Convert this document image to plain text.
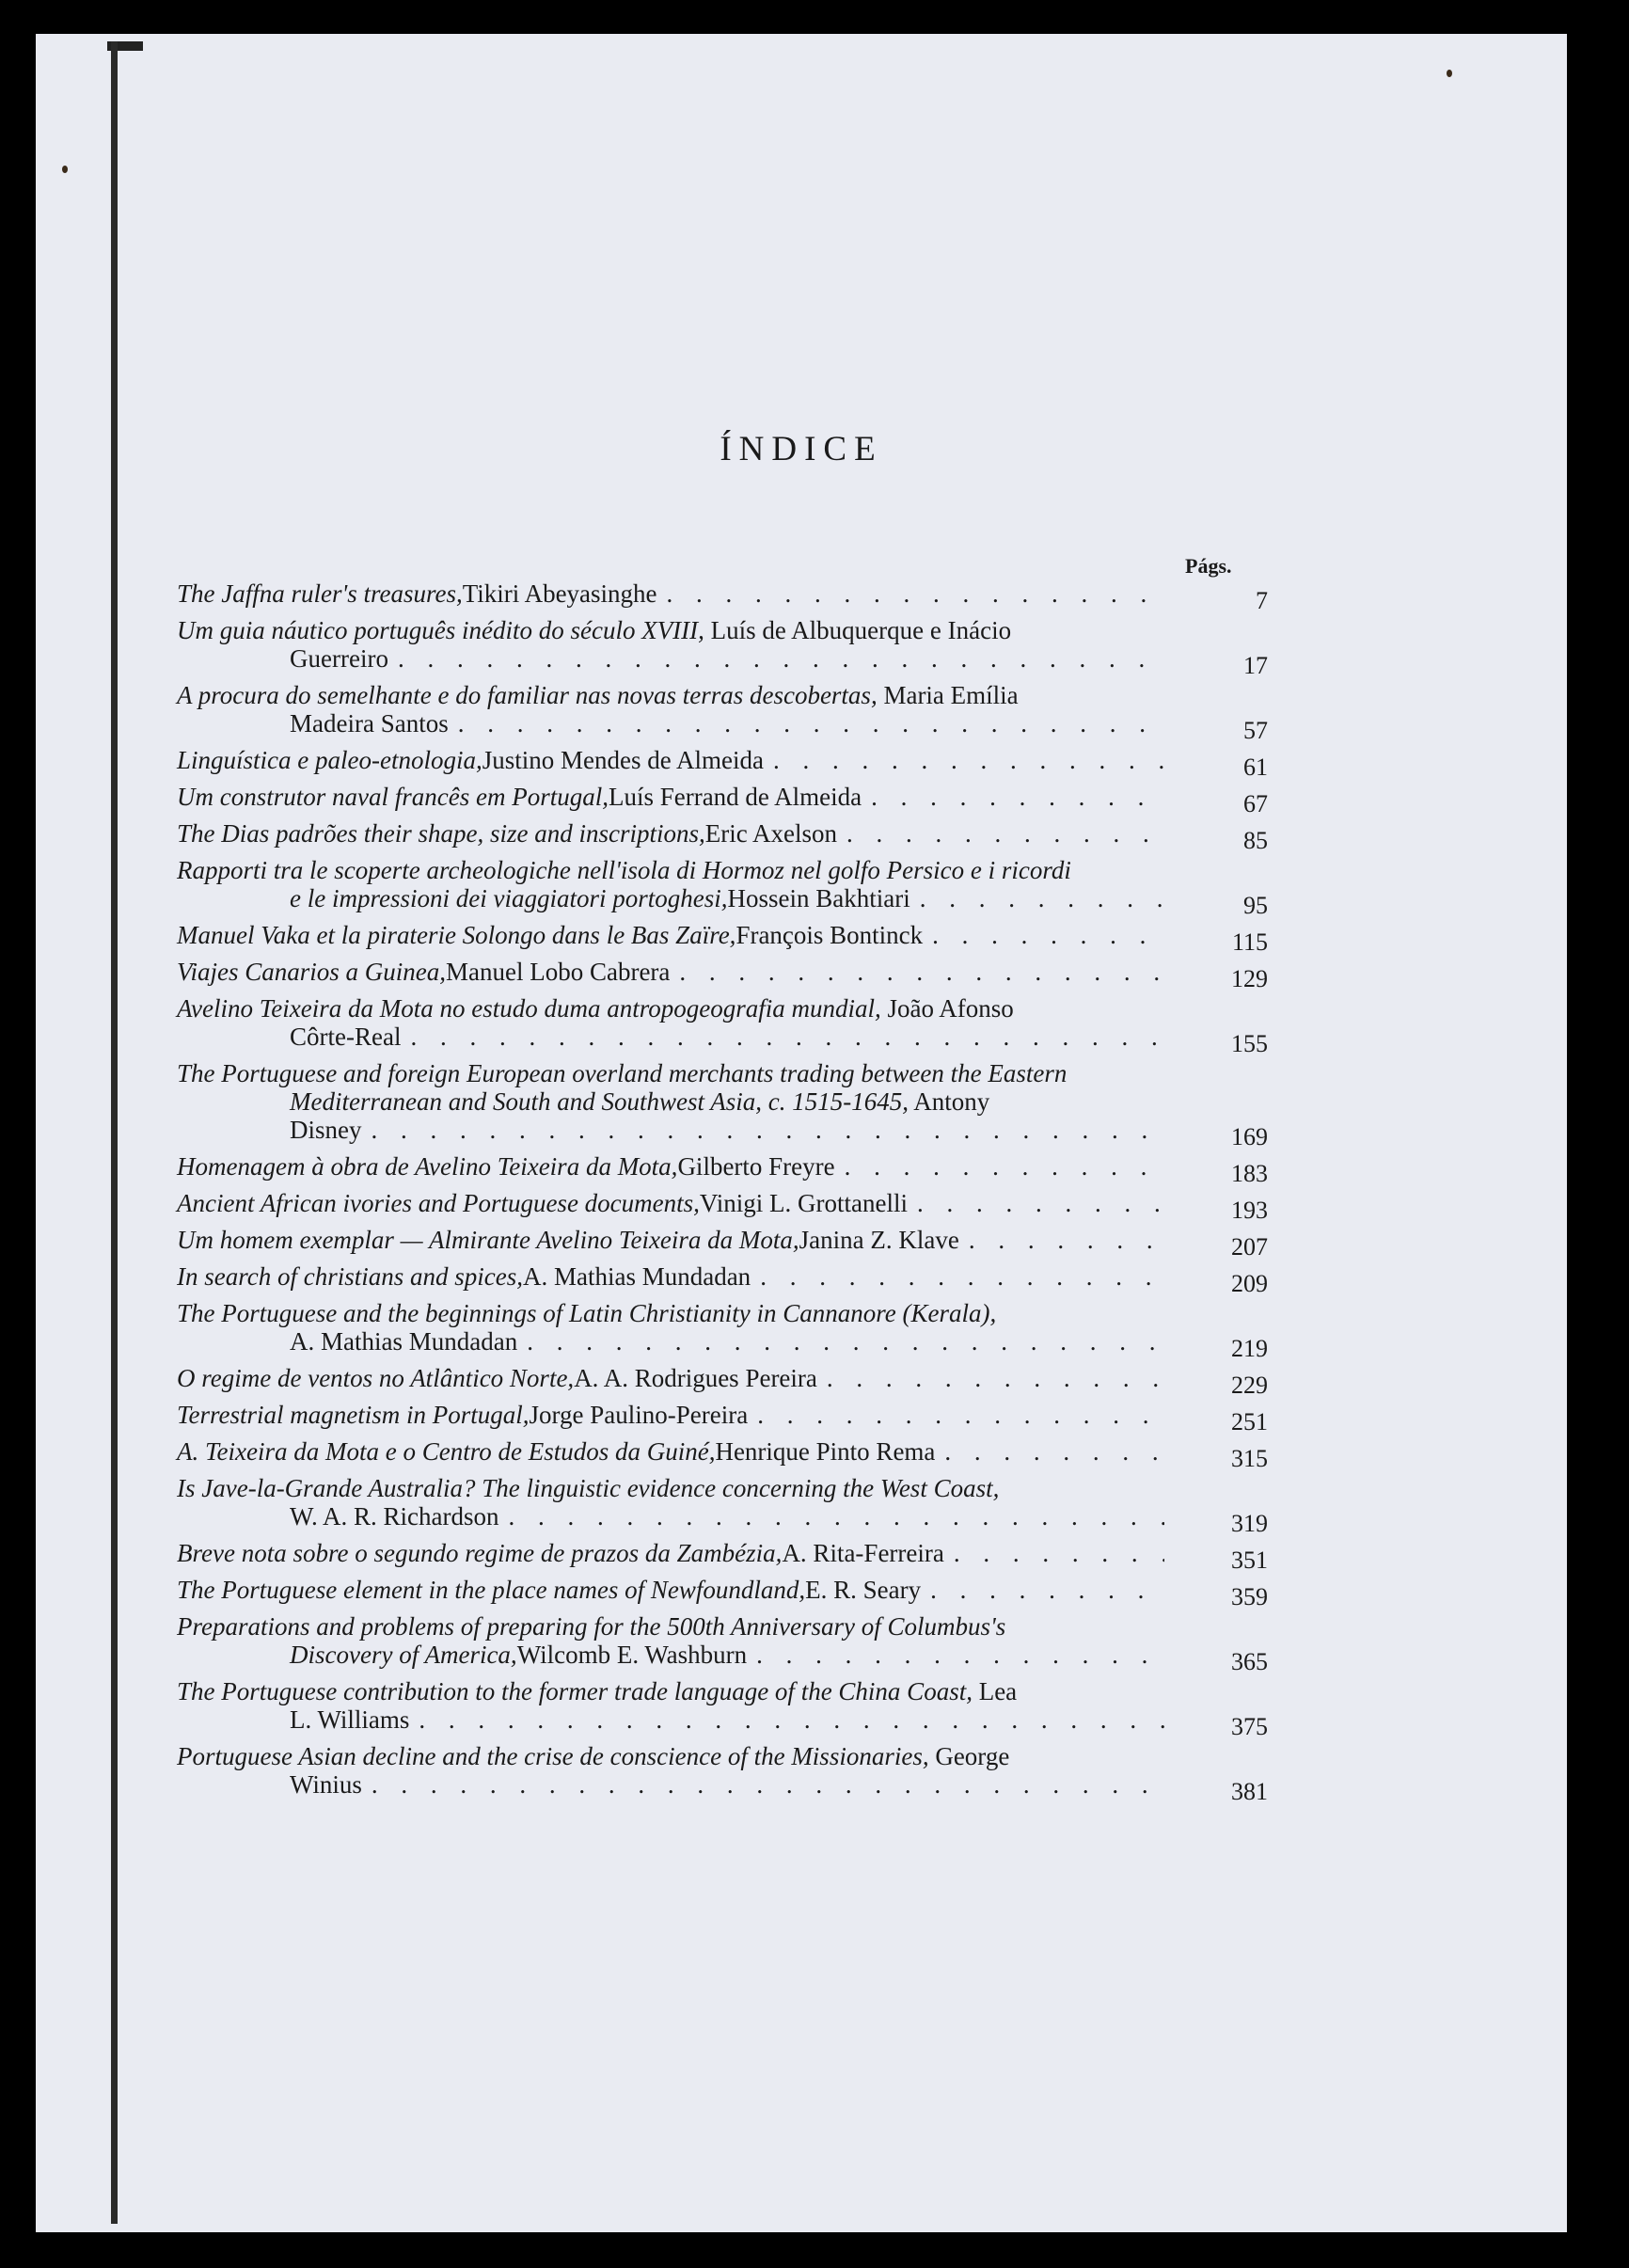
ÍNDICE
Págs.
The Jaffna ruler's treasures, Tikiri Abeyasinghe . . .	7
Um guia náutico português inédito do século XVIII, Luís de Albuquerque e Inácio
Guerreiro . . .	17
A procura do semelhante e do familiar nas novas terras descobertas, Maria Emília
Madeira Santos . . .	57
Linguística e paleo-etnologia, Justino Mendes de Almeida . . .	61
Um construtor naval francês em Portugal, Luís Ferrand de Almeida . . .	67
The Dias padrões their shape, size and inscriptions, Eric Axelson . . .	85
Rapporti tra le scoperte archeologiche nell'isola di Hormoz nel golfo Persico e i ricordi
e le impressioni dei viaggiatori portoghesi, Hossein Bakhtiari . . .	95
Manuel Vaka et la piraterie Solongo dans le Bas Zaïre, François Bontinck . . .	115
Viajes Canarios a Guinea, Manuel Lobo Cabrera . . .	129
Avelino Teixeira da Mota no estudo duma antropogeografia mundial, João Afonso
Côrte-Real . . .	155
The Portuguese and foreign European overland merchants trading between the Eastern
Mediterranean and South and Southwest Asia, c. 1515-1645, Antony
Disney . . .	169
Homenagem à obra de Avelino Teixeira da Mota, Gilberto Freyre . . .	183
Ancient African ivories and Portuguese documents, Vinigi L. Grottanelli . . .	193
Um homem exemplar — Almirante Avelino Teixeira da Mota, Janina Z. Klave . . .	207
In search of christians and spices, A. Mathias Mundadan . . .	209
The Portuguese and the beginnings of Latin Christianity in Cannanore (Kerala),
A. Mathias Mundadan . . .	219
O regime de ventos no Atlântico Norte, A. A. Rodrigues Pereira . . .	229
Terrestrial magnetism in Portugal, Jorge Paulino-Pereira . . .	251
A. Teixeira da Mota e o Centro de Estudos da Guiné, Henrique Pinto Rema . . .	315
Is Jave-la-Grande Australia? The linguistic evidence concerning the West Coast,
W. A. R. Richardson . . .	319
Breve nota sobre o segundo regime de prazos da Zambézia, A. Rita-Ferreira . . .	351
The Portuguese element in the place names of Newfoundland, E. R. Seary . . .	359
Preparations and problems of preparing for the 500th Anniversary of Columbus's
Discovery of America, Wilcomb E. Washburn . . .	365
The Portuguese contribution to the former trade language of the China Coast, Lea
L. Williams . . .	375
Portuguese Asian decline and the crise de conscience of the Missionaries, George
Winius . . .	381
